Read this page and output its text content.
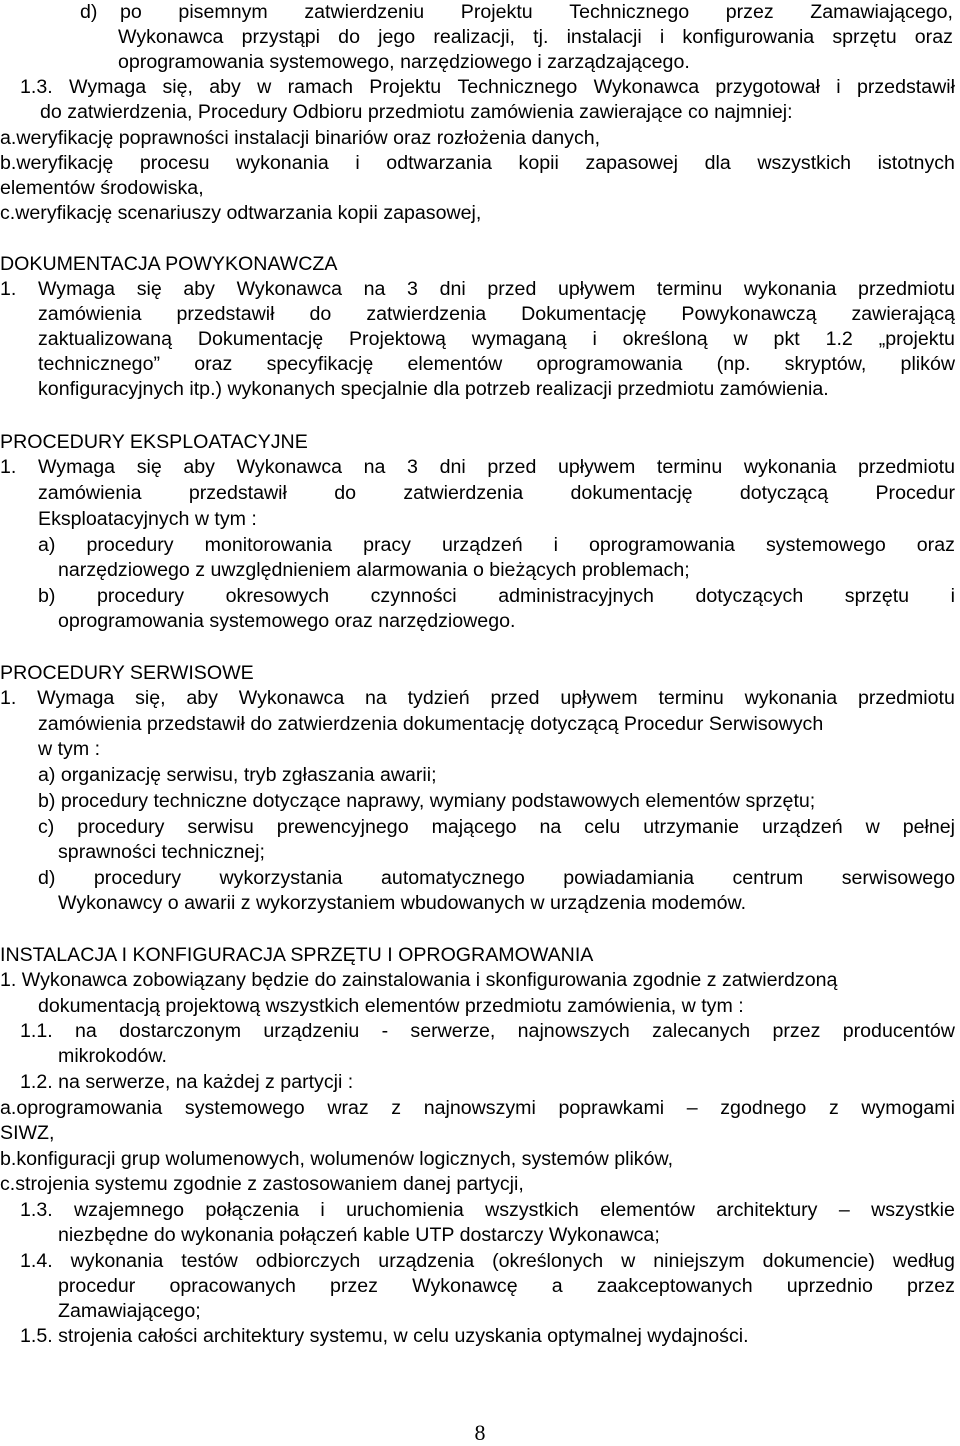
d) po pisemnym zatwierdzeniu Projektu Technicznego przez Zamawiającego,
Wykonawca przystąpi do jego realizacji, tj. instalacji i konfigurowania sprzętu oraz
oprogramowania systemowego, narzędziowego i zarządzającego.
1.3. Wymaga się, aby w ramach Projektu Technicznego Wykonawca przygotował i przedstawił
do zatwierdzenia, Procedury Odbioru przedmiotu zamówienia zawierające co najmniej:
a.weryfikację poprawności instalacji binariów oraz rozłożenia danych,
b.weryfikację procesu wykonania i odtwarzania kopii zapasowej dla wszystkich istotnych
elementów środowiska,
c.weryfikację scenariuszy odtwarzania kopii zapasowej,
DOKUMENTACJA POWYKONAWCZA
1. Wymaga się aby Wykonawca na 3 dni przed upływem terminu wykonania przedmiotu
zamówienia przedstawił do zatwierdzenia Dokumentację Powykonawczą zawierającą
zaktualizowaną Dokumentację Projektową wymaganą i określoną w pkt 1.2 „projektu
technicznego” oraz specyfikację elementów oprogramowania (np. skryptów, plików
konfiguracyjnych itp.) wykonanych specjalnie dla potrzeb realizacji przedmiotu zamówienia.
PROCEDURY EKSPLOATACYJNE
1. Wymaga się aby Wykonawca na 3 dni przed upływem terminu wykonania przedmiotu
zamówienia przedstawił do zatwierdzenia dokumentację dotyczącą Procedur
Eksploatacyjnych w tym :
a) procedury monitorowania pracy urządzeń i oprogramowania systemowego oraz
narzędziowego z uwzględnieniem alarmowania o bieżących problemach;
b) procedury okresowych czynności administracyjnych dotyczących sprzętu i
oprogramowania systemowego oraz narzędziowego.
PROCEDURY SERWISOWE
1. Wymaga się, aby Wykonawca na tydzień przed upływem terminu wykonania przedmiotu
zamówienia przedstawił do zatwierdzenia dokumentację dotyczącą Procedur Serwisowych
w tym :
a) organizację serwisu, tryb zgłaszania awarii;
b) procedury techniczne dotyczące naprawy, wymiany podstawowych elementów sprzętu;
c) procedury serwisu prewencyjnego mającego na celu utrzymanie urządzeń w pełnej
sprawności technicznej;
d) procedury wykorzystania automatycznego powiadamiania centrum serwisowego
Wykonawcy o awarii z wykorzystaniem wbudowanych w urządzenia modemów.
INSTALACJA I KONFIGURACJA SPRZĘTU I OPROGRAMOWANIA
1. Wykonawca zobowiązany będzie do zainstalowania i skonfigurowania zgodnie z zatwierdzoną
dokumentacją projektową wszystkich elementów przedmiotu zamówienia, w tym :
1.1. na dostarczonym urządzeniu - serwerze, najnowszych zalecanych przez producentów
mikrokodów.
1.2. na serwerze, na każdej z partycji :
a.oprogramowania systemowego wraz z najnowszymi poprawkami – zgodnego z wymogami
SIWZ,
b.konfiguracji grup wolumenowych, wolumenów logicznych, systemów plików,
c.strojenia systemu zgodnie z zastosowaniem danej partycji,
1.3. wzajemnego połączenia i uruchomienia wszystkich elementów architektury – wszystkie
niezbędne do wykonania połączeń kable UTP dostarczy Wykonawca;
1.4. wykonania testów odbiorczych urządzenia (określonych w niniejszym dokumencie) według
procedur opracowanych przez Wykonawcę a zaakceptowanych uprzednio przez
Zamawiającego;
1.5. strojenia całości architektury systemu, w celu uzyskania optymalnej wydajności.
8
